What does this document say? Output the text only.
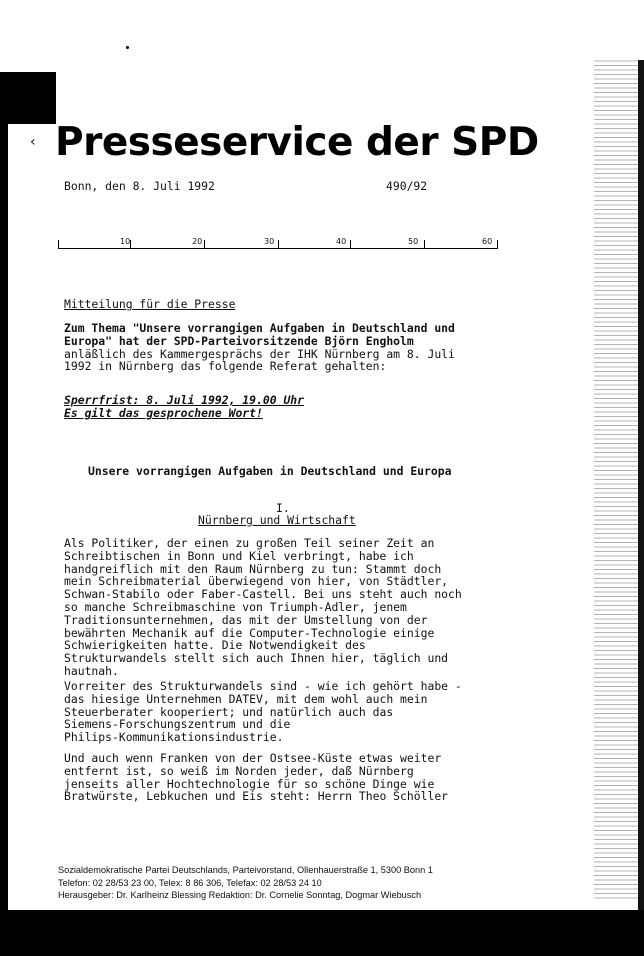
‹ Presseservice der SPD
Bonn, den 8. Juli 1992	490/92
10	20	30	40	50	60
Mitteilung für die Presse
Zum Thema "Unsere vorrangigen Aufgaben in Deutschland und
Europa" hat der SPD-Parteivorsitzende Björn Engholm
anläßlich des Kammergesprächs der IHK Nürnberg am 8. Juli
1992 in Nürnberg das folgende Referat gehalten:
Sperrfrist: 8. Juli 1992, 19.00 Uhr
Es gilt das gesprochene Wort!
Unsere vorrangigen Aufgaben in Deutschland und Europa
I.
Nürnberg und Wirtschaft
Als Politiker, der einen zu großen Teil seiner Zeit an
Schreibtischen in Bonn und Kiel verbringt, habe ich
handgreiflich mit den Raum Nürnberg zu tun: Stammt doch
mein Schreibmaterial überwiegend von hier, von Städtler,
Schwan-Stabilo oder Faber-Castell. Bei uns steht auch noch
so manche Schreibmaschine von Triumph-Adler, jenem
Traditionsunternehmen, das mit der Umstellung von der
bewährten Mechanik auf die Computer-Technologie einige
Schwierigkeiten hatte. Die Notwendigkeit des
Strukturwandels stellt sich auch Ihnen hier, täglich und
hautnah.
Vorreiter des Strukturwandels sind - wie ich gehört habe -
das hiesige Unternehmen DATEV, mit dem wohl auch mein
Steuerberater kooperiert; und natürlich auch das
Siemens-Forschungszentrum und die
Philips-Kommunikationsindustrie.
Und auch wenn Franken von der Ostsee-Küste etwas weiter
entfernt ist, so weiß im Norden jeder, daß Nürnberg
jenseits aller Hochtechnologie für so schöne Dinge wie
Bratwürste, Lebkuchen und Eis steht: Herrn Theo Schöller
Sozialdemokratische Partei Deutschlands, Parteivorstand, Ollenhauerstraße 1, 5300 Bonn 1
Telefon: 02 28/53 23 00, Telex: 8 86 306, Telefax: 02 28/53 24 10
Herausgeber: Dr. Karlheinz Blessing Redaktion: Dr. Cornelie Sonntag, Dogmar Wiebusch
